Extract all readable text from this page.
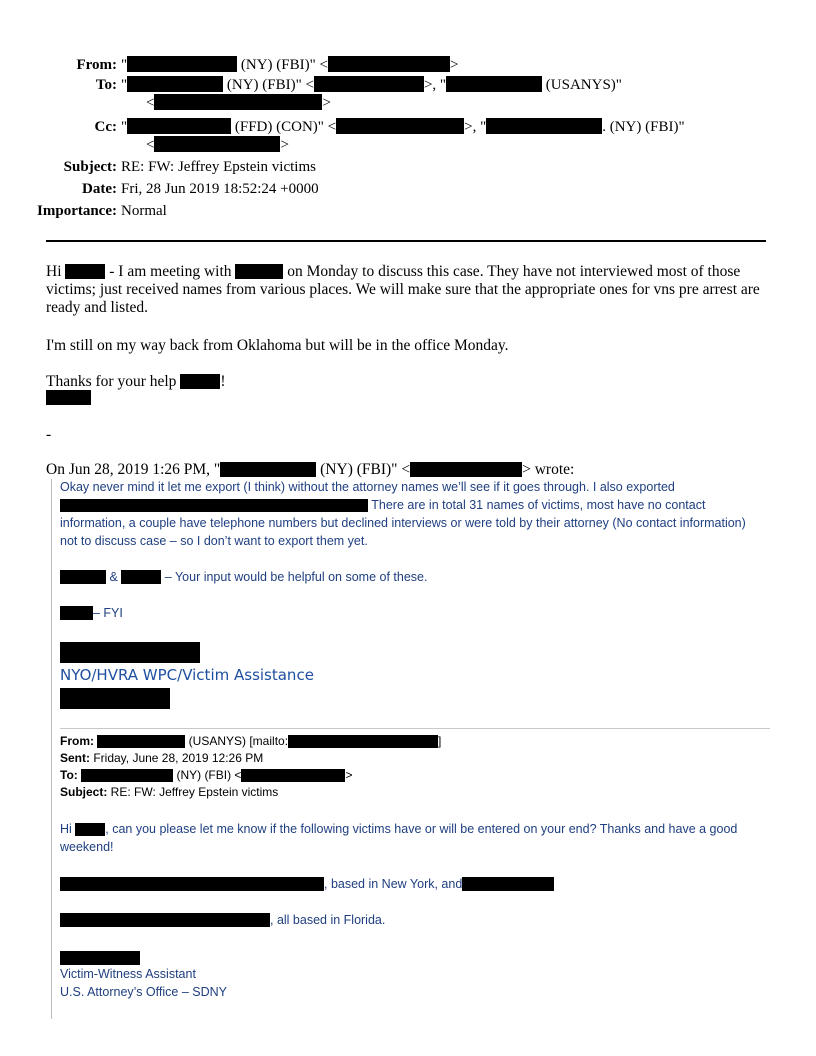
From: "	(NY) (FBI)" <	>
To: "	(NY) (FBI)" <	>, "	(USANYS)"
<	>
Cc: "	(FFD) (CON)" <	>, "	. (NY) (FBI)"
<	>
Subject: RE: FW: Jeffrey Epstein victims
Date: Fri, 28 Jun 2019 18:52:24 +0000
Importance: Normal
Hi	- I am meeting with	on Monday to discuss this case. They have not interviewed most of those victims; just received names from various places. We will make sure that the appropriate ones for vns pre arrest are ready and listed.
I'm still on my way back from Oklahoma but will be in the office Monday.
Thanks for your help	!
-
On Jun 28, 2019 1:26 PM, "	(NY) (FBI)" <	> wrote:
Okay never mind it let me export (I think) without the attorney names we’ll see if it goes through. I also exported
There are in total 31 names of victims, most have no contact
information, a couple have telephone numbers but declined interviews or were told by their attorney (No contact information) not to discuss case – so I don’t want to export them yet.
&	– Your input would be helpful on some of these.
– FYI
NYO/HVRA WPC/Victim Assistance
From:	(USANYS) [mailto:	]
Sent: Friday, June 28, 2019 12:26 PM
To:	(NY) (FBI) <	>
Subject: RE: FW: Jeffrey Epstein victims
Hi , can you please let me know if the following victims have or will be entered on your end? Thanks and have a good weekend!
, based in New York, and
, all based in Florida.
Victim-Witness Assistant
U.S. Attorney’s Office – SDNY
